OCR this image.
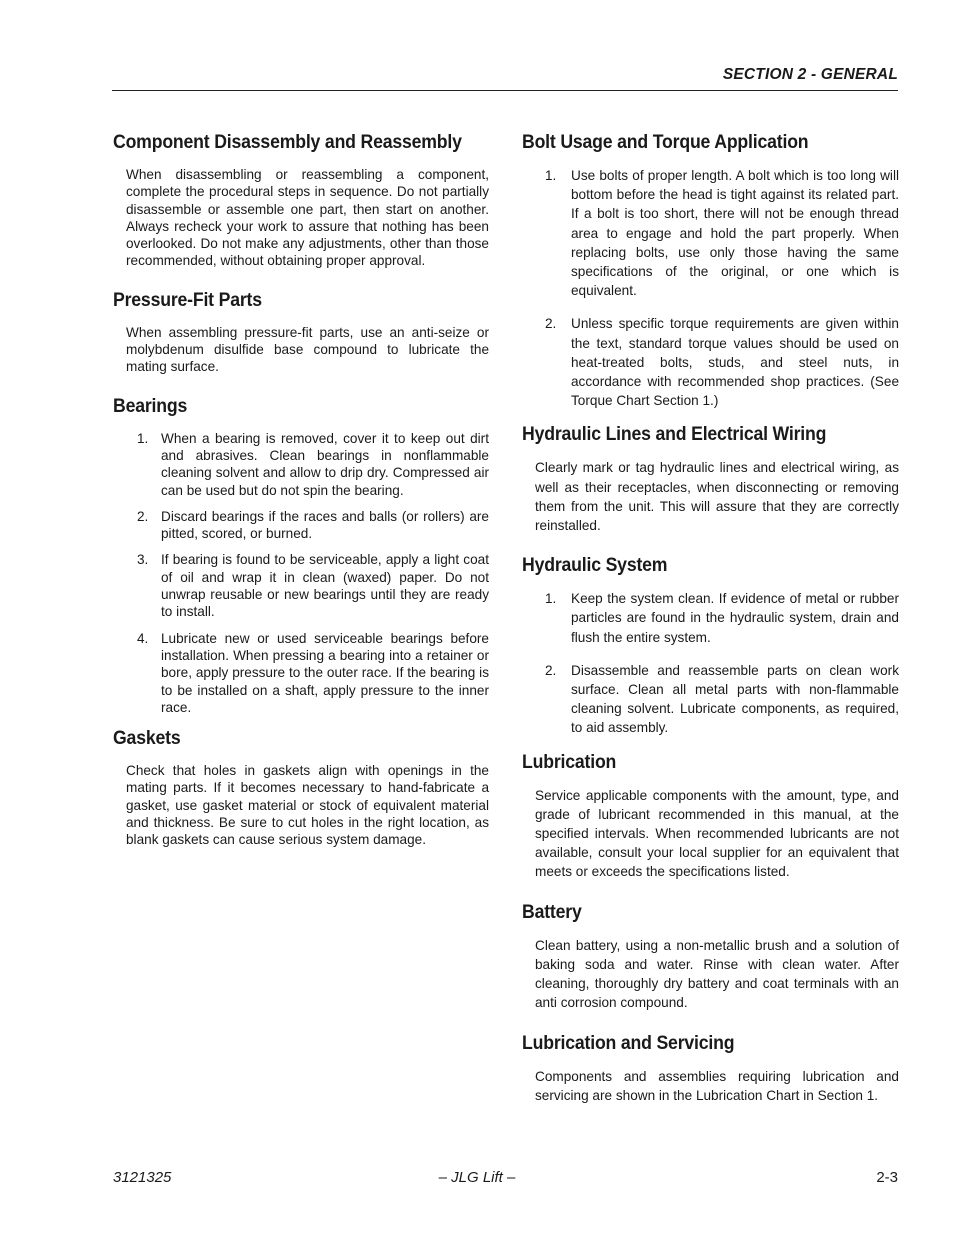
SECTION 2 - GENERAL
Component Disassembly and Reassembly

When disassembling or reassembling a component, complete the procedural steps in sequence. Do not partially disassemble or assemble one part, then start on another. Always recheck your work to assure that nothing has been overlooked. Do not make any adjustments, other than those recommended, without obtaining proper approval.

Pressure-Fit Parts

When assembling pressure-fit parts, use an anti-seize or molybdenum disulfide base compound to lubricate the mating surface.

Bearings
1. When a bearing is removed, cover it to keep out dirt and abrasives. Clean bearings in nonflammable cleaning solvent and allow to drip dry. Compressed air can be used but do not spin the bearing.
2. Discard bearings if the races and balls (or rollers) are pitted, scored, or burned.
3. If bearing is found to be serviceable, apply a light coat of oil and wrap it in clean (waxed) paper. Do not unwrap reusable or new bearings until they are ready to install.
4. Lubricate new or used serviceable bearings before installation. When pressing a bearing into a retainer or bore, apply pressure to the outer race. If the bearing is to be installed on a shaft, apply pressure to the inner race.
Gaskets

Check that holes in gaskets align with openings in the mating parts. If it becomes necessary to hand-fabricate a gasket, use gasket material or stock of equivalent material and thickness. Be sure to cut holes in the right location, as blank gaskets can cause serious system damage.

Bolt Usage and Torque Application
1. Use bolts of proper length. A bolt which is too long will bottom before the head is tight against its related part. If a bolt is too short, there will not be enough thread area to engage and hold the part properly. When replacing bolts, use only those having the same specifications of the original, or one which is equivalent.
2. Unless specific torque requirements are given within the text, standard torque values should be used on heat-treated bolts, studs, and steel nuts, in accordance with recommended shop practices. (See Torque Chart Section 1.)
Hydraulic Lines and Electrical Wiring

Clearly mark or tag hydraulic lines and electrical wiring, as well as their receptacles, when disconnecting or removing them from the unit. This will assure that they are correctly reinstalled.

Hydraulic System
1. Keep the system clean. If evidence of metal or rubber particles are found in the hydraulic system, drain and flush the entire system.
2. Disassemble and reassemble parts on clean work surface. Clean all metal parts with non-flammable cleaning solvent. Lubricate components, as required, to aid assembly.
Lubrication

Service applicable components with the amount, type, and grade of lubricant recommended in this manual, at the specified intervals. When recommended lubricants are not available, consult your local supplier for an equivalent that meets or exceeds the specifications listed.

Battery

Clean battery, using a non-metallic brush and a solution of baking soda and water. Rinse with clean water. After cleaning, thoroughly dry battery and coat terminals with an anti corrosion compound.

Lubrication and Servicing

Components and assemblies requiring lubrication and servicing are shown in the Lubrication Chart in Section 1.

3121325	– JLG Lift –	2-3
